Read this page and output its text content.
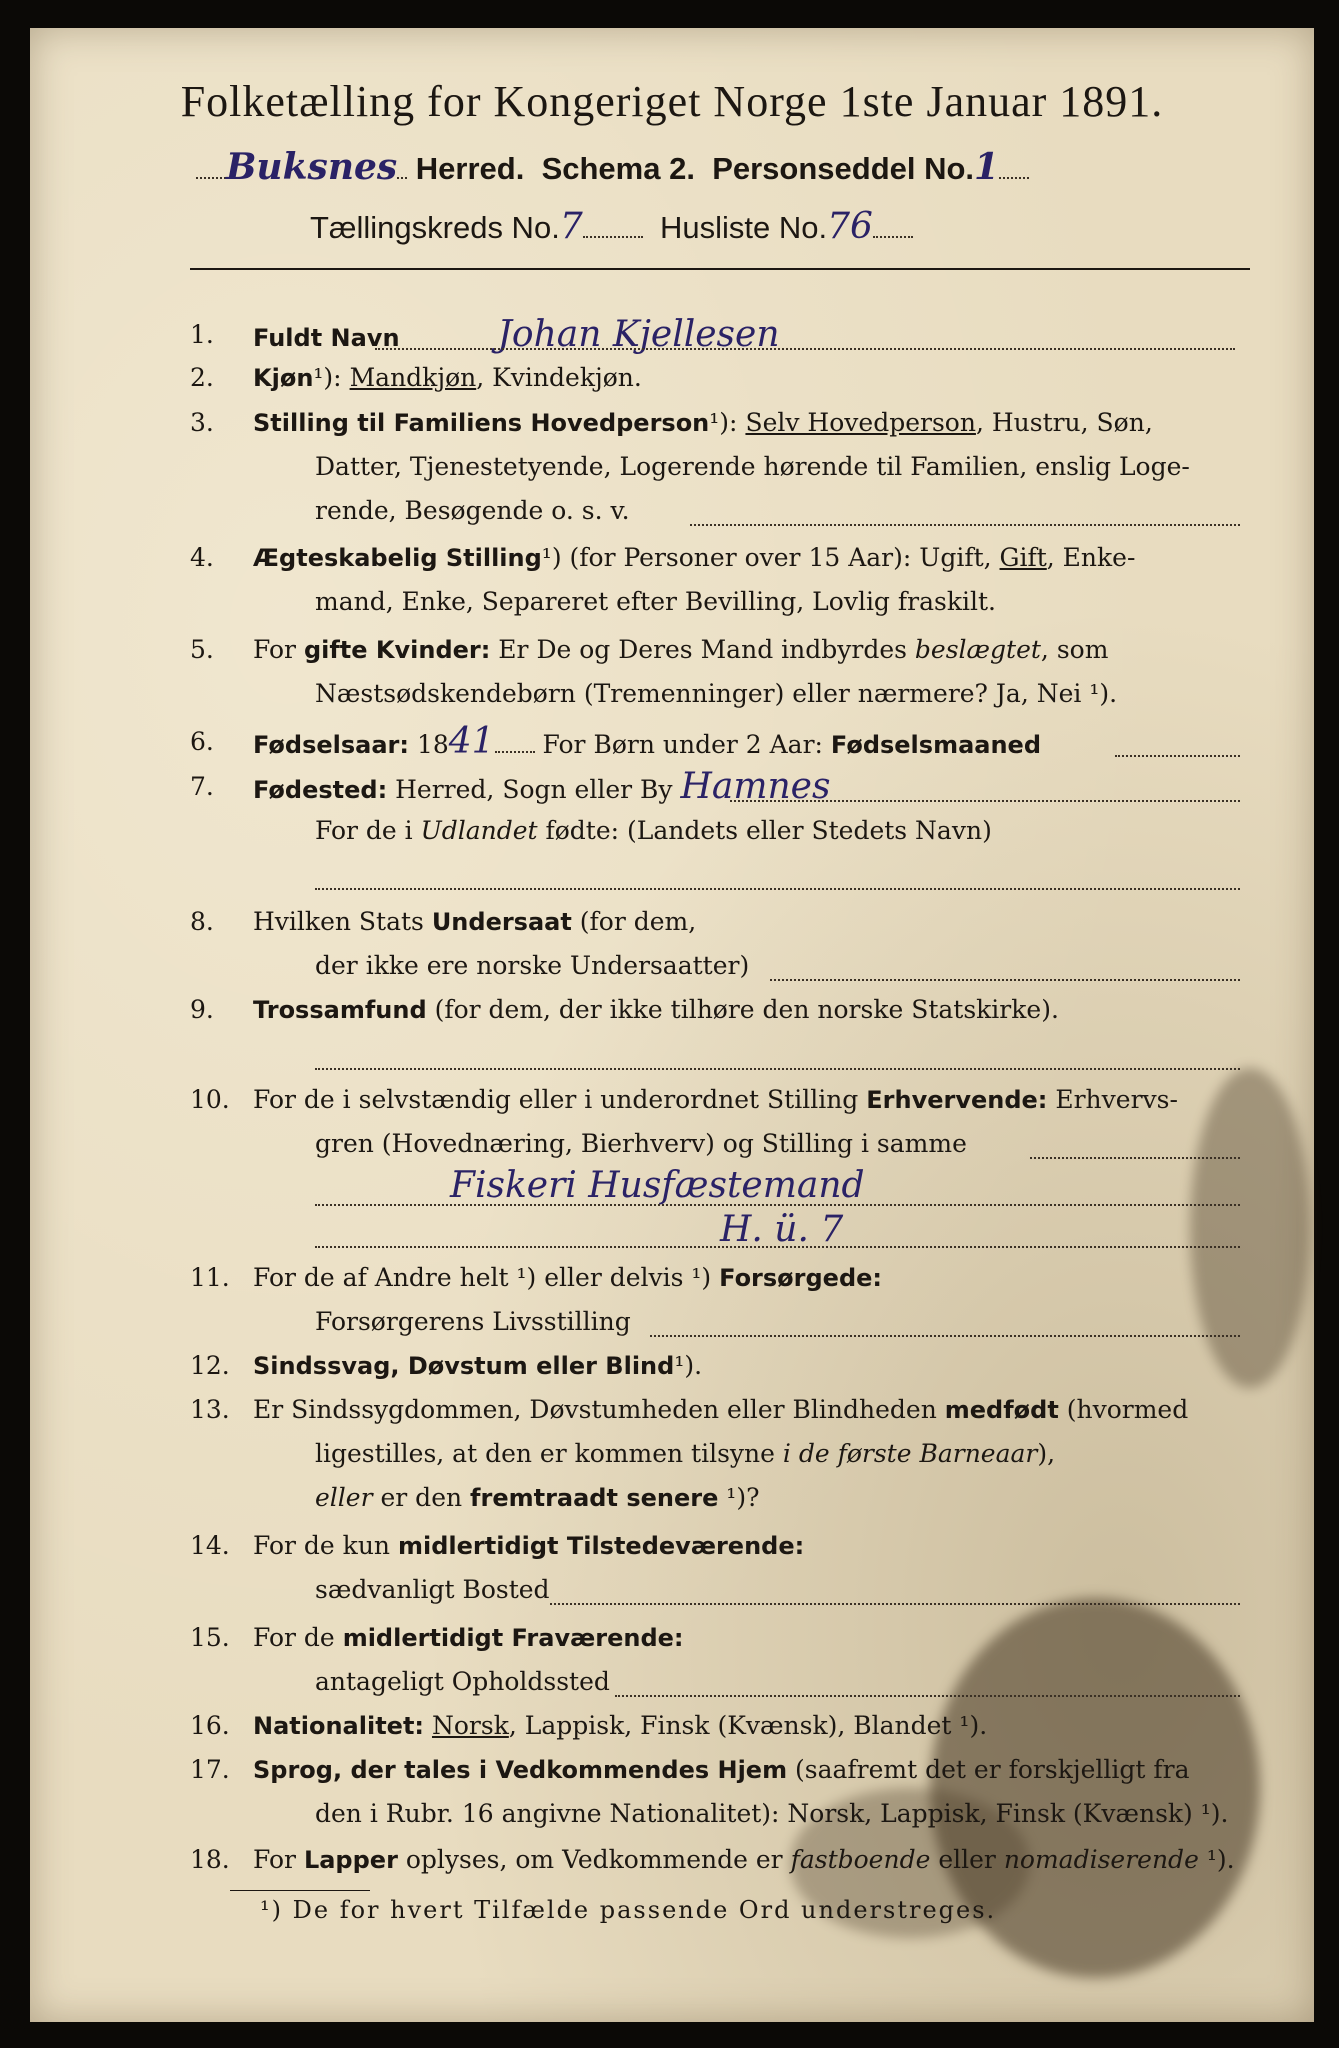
Folketælling for Kongeriget Norge 1ste Januar 1891.
Buksnes Herred. Schema 2. Personseddel No.1
Tællingskreds No.7 Husliste No.76
1.	Fuldt Navn	Johan Kjellesen
2.	Kjøn¹): Mandkjøn, Kvindekjøn.
3.	Stilling til Familiens Hovedperson¹): Selv Hovedperson, Hustru, Søn,
Datter, Tjenestetyende, Logerende hørende til Familien, enslig Loge-
rende, Besøgende o. s. v.
4.	Ægteskabelig Stilling¹) (for Personer over 15 Aar): Ugift, Gift, Enke-
mand, Enke, Separeret efter Bevilling, Lovlig fraskilt.
5.	For gifte Kvinder: Er De og Deres Mand indbyrdes beslægtet, som
Næstsødskendebørn (Tremenninger) eller nærmere? Ja, Nei ¹).
6.	Fødselsaar: 1841 For Børn under 2 Aar: Fødselsmaaned
7.	Fødested: Herred, Sogn eller By Hamnes
For de i Udlandet fødte: (Landets eller Stedets Navn)
8.	Hvilken Stats Undersaat (for dem,
der ikke ere norske Undersaatter)
9.	Trossamfund (for dem, der ikke tilhøre den norske Statskirke).
10. For de i selvstændig eller i underordnet Stilling Erhvervende: Erhvervs-
gren (Hovednæring, Bierhverv) og Stilling i samme
Fiskeri Husfæstemand
H. ü. 7
11. For de af Andre helt ¹) eller delvis ¹) Forsørgede:
Forsørgerens Livsstilling
12. Sindssvag, Døvstum eller Blind¹).
13. Er Sindssygdommen, Døvstumheden eller Blindheden medfødt (hvormed
ligestilles, at den er kommen tilsyne i de første Barneaar),
eller er den fremtraadt senere ¹)?
14. For de kun midlertidigt Tilstedeværende:
sædvanligt Bosted
15. For de midlertidigt Fraværende:
antageligt Opholdssted
16. Nationalitet: Norsk, Lappisk, Finsk (Kvænsk), Blandet ¹).
17. Sprog, der tales i Vedkommendes Hjem (saafremt det er forskjelligt fra
den i Rubr. 16 angivne Nationalitet): Norsk, Lappisk, Finsk (Kvænsk) ¹).
18. For Lapper oplyses, om Vedkommende er fastboende eller nomadiserende ¹).
¹) De for hvert Tilfælde passende Ord understreges.
